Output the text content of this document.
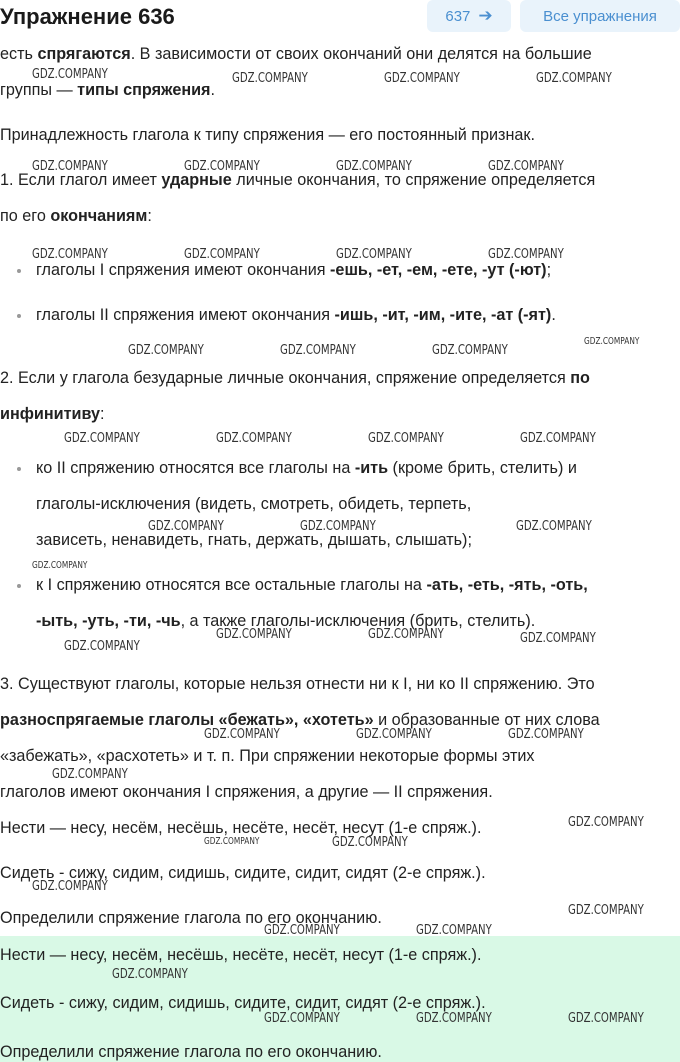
есть спрягаются. В зависимости от своих окончаний они делятся на большие
группы — типы спряжения.
Принадлежность глагола к типу спряжения — его постоянный признак.
1. Если глагол имеет ударные личные окончания, то спряжение определяется
по его окончаниям:
глаголы I спряжения имеют окончания -ешь, -ет, -ем, -ете, -ут (-ют);
глаголы II спряжения имеют окончания -ишь, -ит, -им, -ите, -ат (-ят).
2. Если у глагола безударные личные окончания, спряжение определяется по
инфинитиву:
ко II спряжению относятся все глаголы на -ить (кроме брить, стелить) и
глаголы-исключения (видеть, смотреть, обидеть, терпеть,
зависеть, ненавидеть, гнать, держать, дышать, слышать);
к I спряжению относятся все остальные глаголы на -ать, -еть, -ять, -оть,
-ыть, -уть, -ти, -чь, а также глаголы-исключения (брить, стелить).
3. Существуют глаголы, которые нельзя отнести ни к I, ни ко II спряжению. Это
разноспрягаемые глаголы «бежать», «хотеть» и образованные от них слова
«забежать», «расхотеть» и т. п. При спряжении некоторые формы этих
глаголов имеют окончания I спряжения, а другие — II спряжения.
Нести — несу, несём, несёшь, несёте, несёт, несут (1-е спряж.).
Сидеть - сижу, сидим, сидишь, сидите, сидит, сидят (2-е спряж.).
Определили спряжение глагола по его окончанию.
Нести — несу, несём, несёшь, несёте, несёт, несут (1-е спряж.).
Сидеть - сижу, сидим, сидишь, сидите, сидит, сидят (2-е спряж.).
Определили спряжение глагола по его окончанию.
Упражнение 636	637 ➔	Все упражнения
GDZ.COMPANY	GDZ.COMPANY	GDZ.COMPANY	GDZ.COMPANY
GDZ.COMPANY	GDZ.COMPANY	GDZ.COMPANY	GDZ.COMPANY
GDZ.COMPANY	GDZ.COMPANY	GDZ.COMPANY	GDZ.COMPANY
GDZ.COMPANY	GDZ.COMPANY	GDZ.COMPANY
GDZ.COMPANY
GDZ.COMPANY	GDZ.COMPANY	GDZ.COMPANY	GDZ.COMPANY
GDZ.COMPANY	GDZ.COMPANY	GDZ.COMPANY
GDZ.COMPANY
GDZ.COMPANY	GDZ.COMPANY	GDZ.COMPANY
GDZ.COMPANY
GDZ.COMPANY	GDZ.COMPANY	GDZ.COMPANY
GDZ.COMPANY
GDZ.COMPANY
GDZ.COMPANY	GDZ.COMPANY
GDZ.COMPANY
GDZ.COMPANY
GDZ.COMPANY	GDZ.COMPANY
GDZ.COMPANY
GDZ.COMPANY	GDZ.COMPANY	GDZ.COMPANY
